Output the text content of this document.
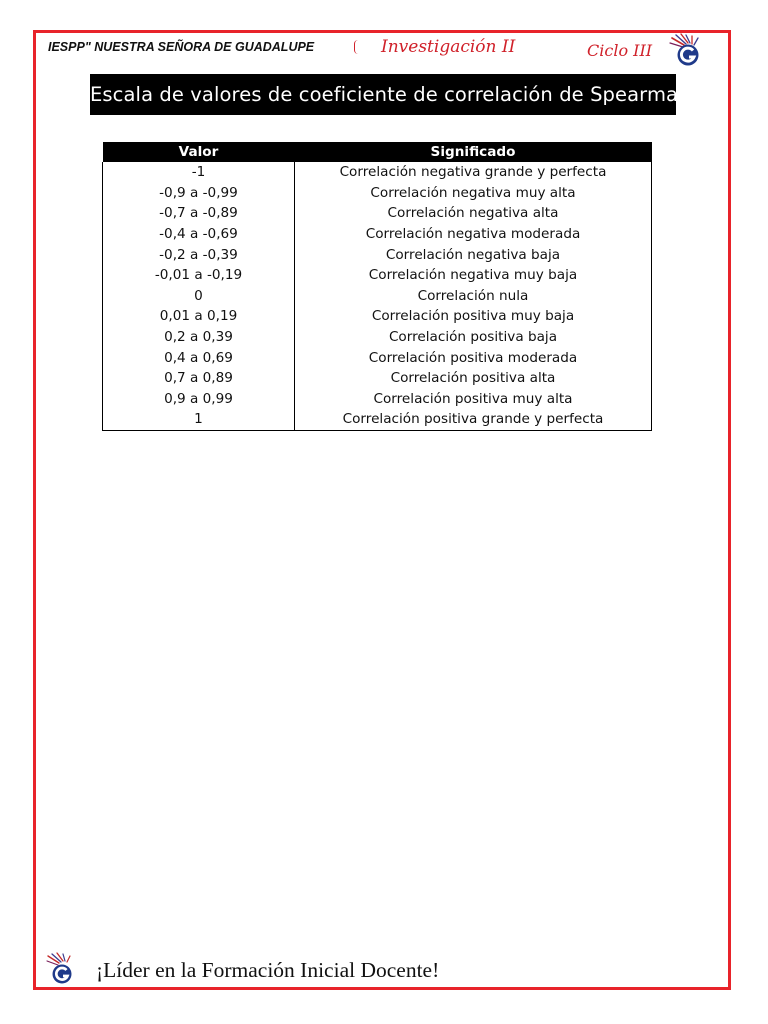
IESPP" NUESTRA SEÑORA DE GUADALUPE	Investigación II	Ciclo III
Escala de valores de coeficiente de correlación de Spearman
Valor	Significado
-1	Correlación negativa grande y perfecta
-0,9 a -0,99	Correlación negativa muy alta
-0,7 a -0,89	Correlación negativa alta
-0,4 a -0,69	Correlación negativa moderada
-0,2 a -0,39	Correlación negativa baja
-0,01 a -0,19	Correlación negativa muy baja
0	Correlación nula
0,01 a 0,19	Correlación positiva muy baja
0,2 a 0,39	Correlación positiva baja
0,4 a 0,69	Correlación positiva moderada
0,7 a 0,89	Correlación positiva alta
0,9 a 0,99	Correlación positiva muy alta
1	Correlación positiva grande y perfecta
¡Líder en la Formación Inicial Docente!
